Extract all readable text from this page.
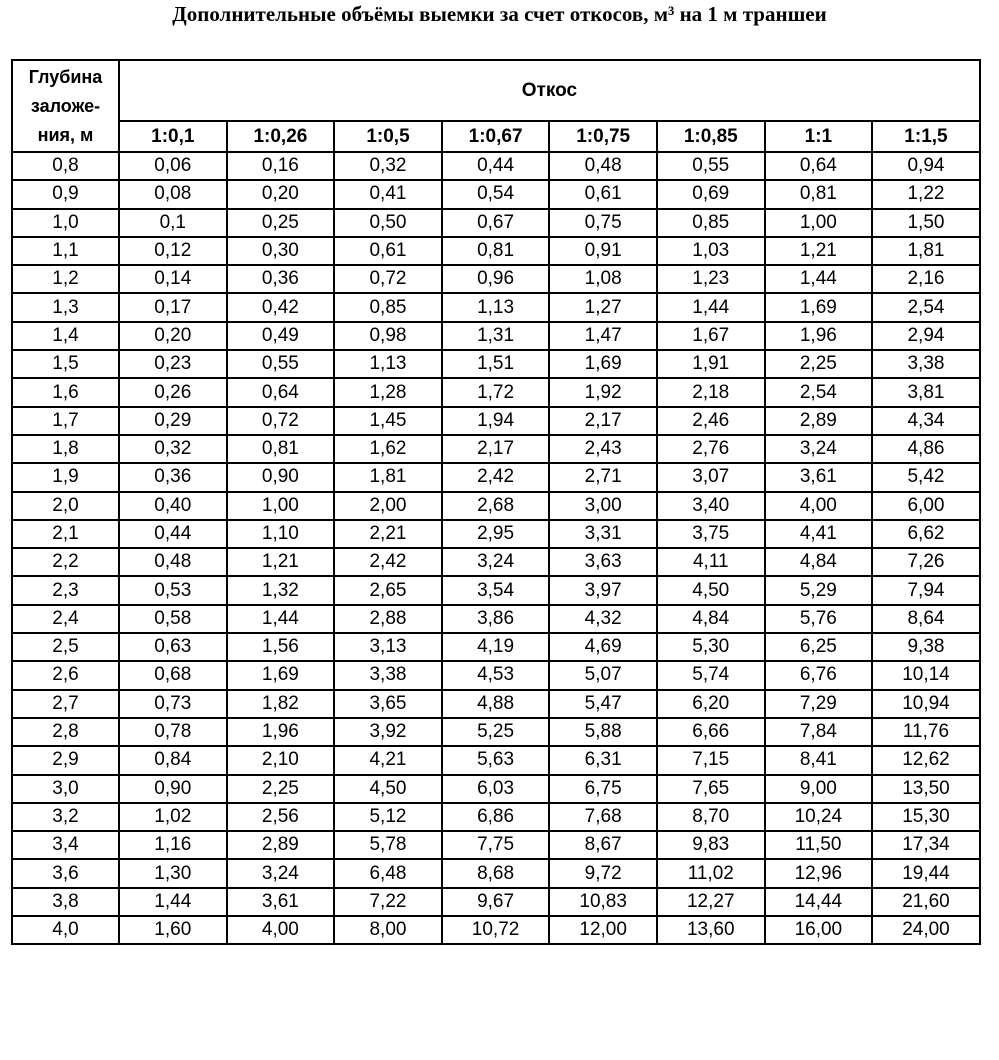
Дополнительные объёмы выемки за счет откосов, м³ на 1 м траншеи
Глубина
заложе-
ния, м	Откос							
	1:0,1	1:0,26	1:0,5	1:0,67	1:0,75	1:0,85	1:1	1:1,5
0,8	0,06	0,16	0,32	0,44	0,48	0,55	0,64	0,94
0,9	0,08	0,20	0,41	0,54	0,61	0,69	0,81	1,22
1,0	0,1	0,25	0,50	0,67	0,75	0,85	1,00	1,50
1,1	0,12	0,30	0,61	0,81	0,91	1,03	1,21	1,81
1,2	0,14	0,36	0,72	0,96	1,08	1,23	1,44	2,16
1,3	0,17	0,42	0,85	1,13	1,27	1,44	1,69	2,54
1,4	0,20	0,49	0,98	1,31	1,47	1,67	1,96	2,94
1,5	0,23	0,55	1,13	1,51	1,69	1,91	2,25	3,38
1,6	0,26	0,64	1,28	1,72	1,92	2,18	2,54	3,81
1,7	0,29	0,72	1,45	1,94	2,17	2,46	2,89	4,34
1,8	0,32	0,81	1,62	2,17	2,43	2,76	3,24	4,86
1,9	0,36	0,90	1,81	2,42	2,71	3,07	3,61	5,42
2,0	0,40	1,00	2,00	2,68	3,00	3,40	4,00	6,00
2,1	0,44	1,10	2,21	2,95	3,31	3,75	4,41	6,62
2,2	0,48	1,21	2,42	3,24	3,63	4,11	4,84	7,26
2,3	0,53	1,32	2,65	3,54	3,97	4,50	5,29	7,94
2,4	0,58	1,44	2,88	3,86	4,32	4,84	5,76	8,64
2,5	0,63	1,56	3,13	4,19	4,69	5,30	6,25	9,38
2,6	0,68	1,69	3,38	4,53	5,07	5,74	6,76	10,14
2,7	0,73	1,82	3,65	4,88	5,47	6,20	7,29	10,94
2,8	0,78	1,96	3,92	5,25	5,88	6,66	7,84	11,76
2,9	0,84	2,10	4,21	5,63	6,31	7,15	8,41	12,62
3,0	0,90	2,25	4,50	6,03	6,75	7,65	9,00	13,50
3,2	1,02	2,56	5,12	6,86	7,68	8,70	10,24	15,30
3,4	1,16	2,89	5,78	7,75	8,67	9,83	11,50	17,34
3,6	1,30	3,24	6,48	8,68	9,72	11,02	12,96	19,44
3,8	1,44	3,61	7,22	9,67	10,83	12,27	14,44	21,60
4,0	1,60	4,00	8,00	10,72	12,00	13,60	16,00	24,00
